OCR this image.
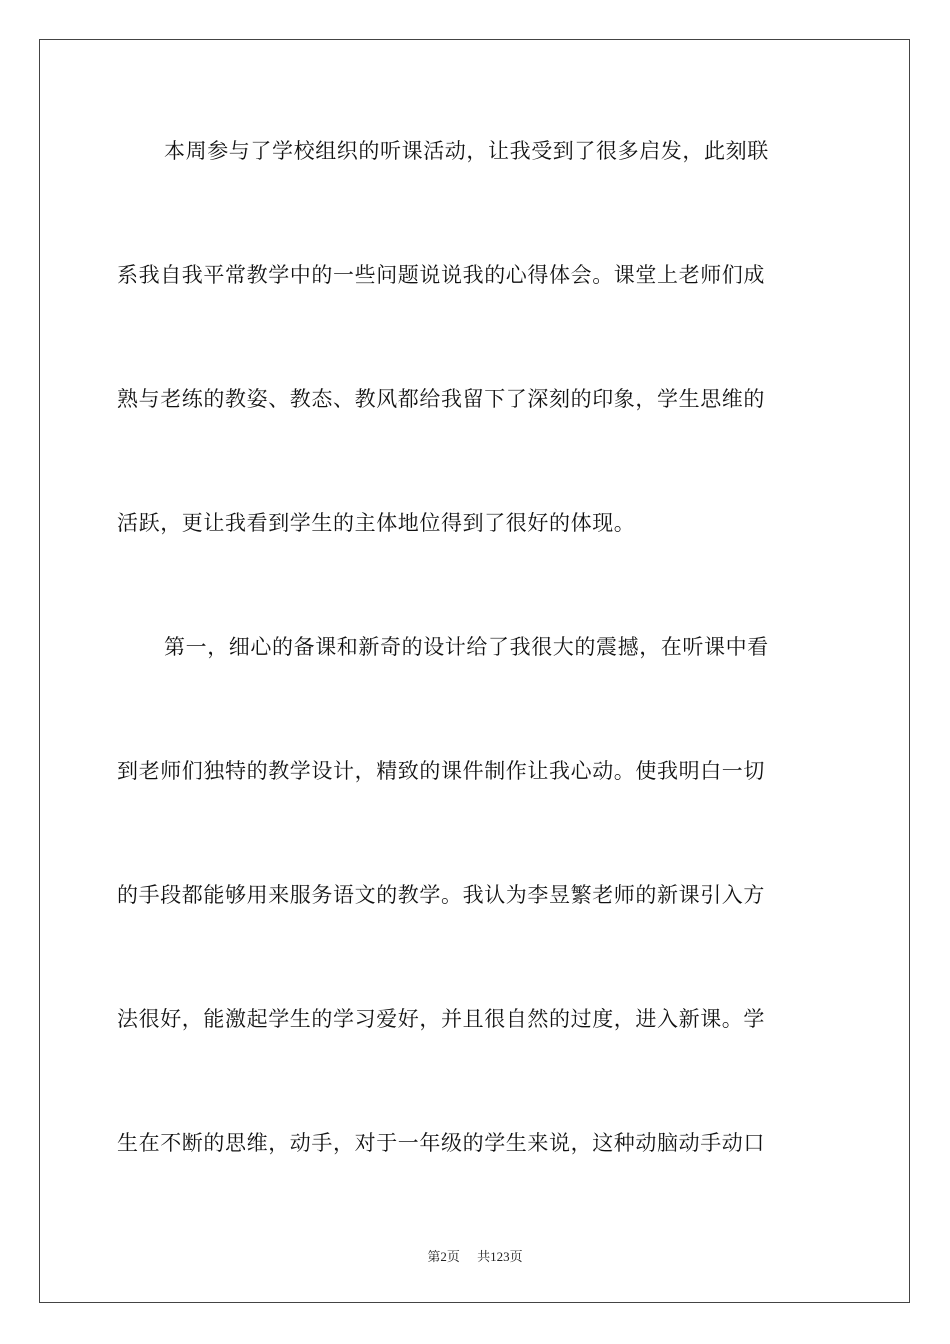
本周参与了学校组织的听课活动，让我受到了很多启发，此刻联
系我自我平常教学中的一些问题说说我的心得体会。课堂上老师们成
熟与老练的教姿、教态、教风都给我留下了深刻的印象，学生思维的
活跃，更让我看到学生的主体地位得到了很好的体现。
第一，细心的备课和新奇的设计给了我很大的震撼，在听课中看
到老师们独特的教学设计，精致的课件制作让我心动。使我明白一切
的手段都能够用来服务语文的教学。我认为李昱繁老师的新课引入方
法很好，能激起学生的学习爱好，并且很自然的过度，进入新课。学
生在不断的思维，动手，对于一年级的学生来说，这种动脑动手动口
第2页 共123页
